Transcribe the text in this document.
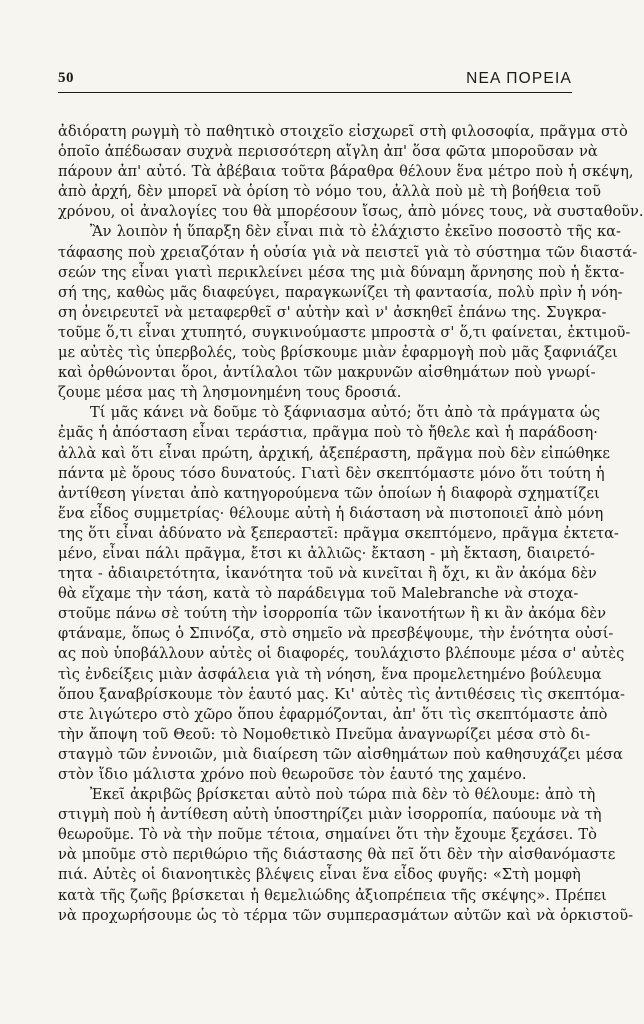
50	ΝΕΑ ΠΟΡΕΙΑ
ἀδιόρατη ρωγμὴ τὸ παθητικὸ στοιχεῖο εἰσχωρεῖ στὴ φιλοσοφία, πρᾶγμα στὸ
ὁποῖο ἀπέδωσαν συχνὰ περισσότερη αἴγλη ἀπ' ὅσα φῶτα μποροῦσαν νὰ
πάρουν ἀπ' αὐτό. Τὰ ἀβέβαια τοῦτα βάραθρα θέλουν ἕνα μέτρο ποὺ ἡ σκέψη,
ἀπὸ ἀρχή, δὲν μπορεῖ νὰ ὁρίση τὸ νόμο του, ἀλλὰ ποὺ μὲ τὴ βοήθεια τοῦ
χρόνου, οἱ ἀναλογίες του θὰ μπορέσουν ἴσως, ἀπὸ μόνες τους, νὰ συσταθοῦν.
Ἂν λοιπὸν ἡ ὕπαρξη δὲν εἶναι πιὰ τὸ ἐλάχιστο ἐκεῖνο ποσοστὸ τῆς κα-
τάφασης ποὺ χρειαζόταν ἡ οὐσία γιὰ νὰ πειστεῖ γιὰ τὸ σύστημα τῶν διαστά-
σεών της εἶναι γιατὶ περικλείνει μέσα της μιὰ δύναμη ἄρνησης ποὺ ἡ ἔκτα-
σή της, καθὼς μᾶς διαφεύγει, παραγκωνίζει τὴ φαντασία, πολὺ πρὶν ἡ νόη-
ση ὀνειρευτεῖ νὰ μεταφερθεῖ σ' αὐτὴν καὶ ν' ἀσκηθεῖ ἐπάνω της. Συγκρα-
τοῦμε ὅ,τι εἶναι χτυπητό, συγκινούμαστε μπροστὰ σ' ὅ,τι φαίνεται, ἐκτιμοῦ-
με αὐτὲς τὶς ὑπερβολές, τοὺς βρίσκουμε μιὰν ἐφαρμογὴ ποὺ μᾶς ξαφνιάζει
καὶ ὀρθώνονται ὅροι, ἀντίλαλοι τῶν μακρυνῶν αἰσθημάτων ποὺ γνωρί-
ζουμε μέσα μας τὴ λησμονημένη τους δροσιά.
Τί μᾶς κάνει νὰ δοῦμε τὸ ξάφνιασμα αὐτό; ὅτι ἀπὸ τὰ πράγματα ὡς
ἐμᾶς ἡ ἀπόσταση εἶναι τεράστια, πρᾶγμα ποὺ τὸ ἤθελε καὶ ἡ παράδοση·
ἀλλὰ καὶ ὅτι εἶναι πρώτη, ἀρχική, ἀξεπέραστη, πρᾶγμα ποὺ δὲν εἰπώθηκε
πάντα μὲ ὅρους τόσο δυνατούς. Γιατὶ δὲν σκεπτόμαστε μόνο ὅτι τούτη ἡ
ἀντίθεση γίνεται ἀπὸ κατηγορούμενα τῶν ὁποίων ἡ διαφορὰ σχηματίζει
ἕνα εἶδος συμμετρίας· θέλουμε αὐτὴ ἡ διάσταση νὰ πιστοποιεῖ ἀπὸ μόνη
της ὅτι εἶναι ἀδύνατο νὰ ξεπεραστεῖ: πρᾶγμα σκεπτόμενο, πρᾶγμα ἐκτετα-
μένο, εἶναι πάλι πρᾶγμα, ἔτσι κι ἀλλιῶς· ἔκταση - μὴ ἔκταση, διαιρετό-
τητα - ἀδιαιρετότητα, ἱκανότητα τοῦ νὰ κινεῖται ἢ ὄχι, κι ἂν ἀκόμα δὲν
θὰ εἴχαμε τὴν τάση, κατὰ τὸ παράδειγμα τοῦ Malebranche νὰ στοχα-
στοῦμε πάνω σὲ τούτη τὴν ἰσορροπία τῶν ἱκανοτήτων ἢ κι ἂν ἀκόμα δὲν
φτάναμε, ὅπως ὁ Σπινόζα, στὸ σημεῖο νὰ πρεσβέψουμε, τὴν ἑνότητα οὐσί-
ας ποὺ ὑποβάλλουν αὐτὲς οἱ διαφορές, τουλάχιστο βλέπουμε μέσα σ' αὐτὲς
τὶς ἐνδείξεις μιὰν ἀσφάλεια γιὰ τὴ νόηση, ἕνα προμελετημένο βούλευμα
ὅπου ξαναβρίσκουμε τὸν ἑαυτό μας. Κι' αὐτὲς τὶς ἀντιθέσεις τὶς σκεπτόμα-
στε λιγώτερο στὸ χῶρο ὅπου ἐφαρμόζονται, ἀπ' ὅτι τὶς σκεπτόμαστε ἀπὸ
τὴν ἄποψη τοῦ Θεοῦ: τὸ Νομοθετικὸ Πνεῦμα ἀναγνωρίζει μέσα στὸ δι-
σταγμὸ τῶν ἐννοιῶν, μιὰ διαίρεση τῶν αἰσθημάτων ποὺ καθησυχάζει μέσα
στὸν ἴδιο μάλιστα χρόνο ποὺ θεωροῦσε τὸν ἑαυτό της χαμένο.
Ἐκεῖ ἀκριβῶς βρίσκεται αὐτὸ ποὺ τώρα πιὰ δὲν τὸ θέλουμε: ἀπὸ τὴ
στιγμὴ ποὺ ἡ ἀντίθεση αὐτὴ ὑποστηρίζει μιὰν ἰσορροπία, παύουμε νὰ τὴ
θεωροῦμε. Τὸ νὰ τὴν ποῦμε τέτοια, σημαίνει ὅτι τὴν ἔχουμε ξεχάσει. Τὸ
νὰ μποῦμε στὸ περιθώριο τῆς διάστασης θὰ πεῖ ὅτι δὲν τὴν αἰσθανόμαστε
πιά. Αὐτὲς οἱ διανοητικὲς βλέψεις εἶναι ἕνα εἶδος φυγῆς: «Στὴ μομφὴ
κατὰ τῆς ζωῆς βρίσκεται ἡ θεμελιώδης ἀξιοπρέπεια τῆς σκέψης». Πρέπει
νὰ προχωρήσουμε ὡς τὸ τέρμα τῶν συμπερασμάτων αὐτῶν καὶ νὰ ὁρκιστοῦ-
